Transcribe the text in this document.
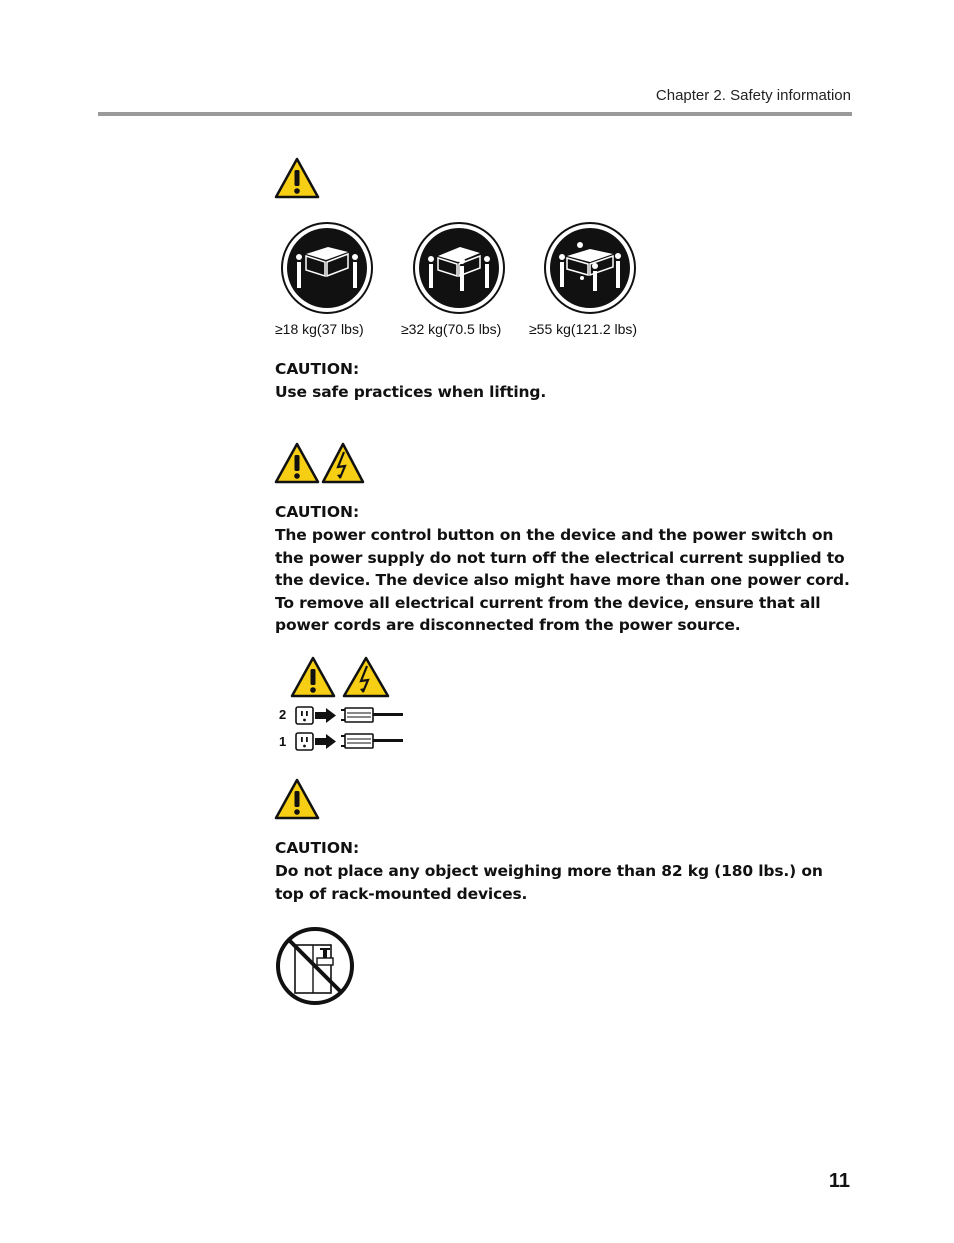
Chapter 2. Safety information
≥18 kg(37 lbs)	≥32 kg(70.5 lbs) ≥55 kg(121.2 lbs)
CAUTION:
Use safe practices when lifting.
CAUTION:
The power control button on the device and the power switch on the power supply do not turn off the electrical current supplied to the device. The device also might have more than one power cord. To remove all electrical current from the device, ensure that all power cords are disconnected from the power source.
2
1
CAUTION:
Do not place any object weighing more than 82 kg (180 lbs.) on top of rack-mounted devices.
11
